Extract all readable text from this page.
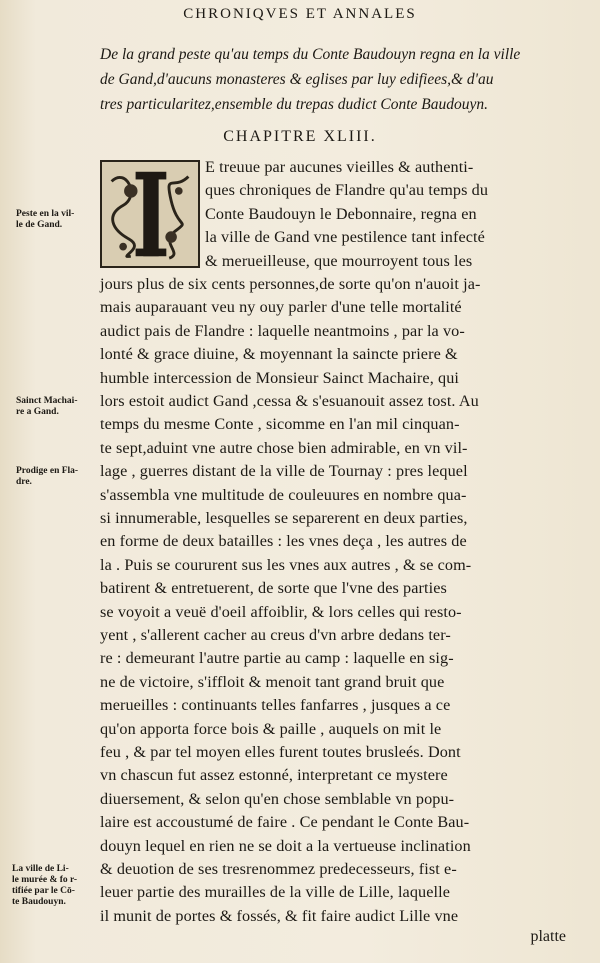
CHRONIQVES ET ANNALES
De la grand peste qu'au temps du Conte Baudouyn regna en la ville
de Gand,d'aucuns monasteres & eglises par luy edifiees,& d'au
tres particularitez,ensemble du trepas dudict Conte Baudouyn.
CHAPITRE XLIII.
E treuue par aucunes vieilles & authenti-
ques chroniques de Flandre qu'au temps du
Conte Baudouyn le Debonnaire, regna en
la ville de Gand vne pestilence tant infecté
& merueilleuse, que mourroyent tous les
jours plus de six cents personnes,de sorte qu'on n'auoit ja-
mais auparauant veu ny ouy parler d'une telle mortalité
audict pais de Flandre : laquelle neantmoins , par la vo-
lonté & grace diuine, & moyennant la saincte priere &
humble intercession de Monsieur Sainct Machaire, qui
lors estoit audict Gand ,cessa & s'esuanouit assez tost. Au
temps du mesme Conte , sicomme en l'an mil cinquan-
te sept,aduint vne autre chose bien admirable, en vn vil-
lage , guerres distant de la ville de Tournay : pres lequel
s'assembla vne multitude de couleuures en nombre qua-
si innumerable, lesquelles se separerent en deux parties,
en forme de deux batailles : les vnes deça , les autres de
la . Puis se coururent sus les vnes aux autres , & se com-
batirent & entretuerent, de sorte que l'vne des parties
se voyoit a veuë d'oeil affoiblir, & lors celles qui resto-
yent , s'allerent cacher au creus d'vn arbre dedans ter-
re : demeurant l'autre partie au camp : laquelle en sig-
ne de victoire, s'iffloit & menoit tant grand bruit que
merueilles : continuants telles fanfarres , jusques a ce
qu'on apporta force bois & paille , auquels on mit le
feu , & par tel moyen elles furent toutes brusleés. Dont
vn chascun fut assez estonné, interpretant ce mystere
diuersement, & selon qu'en chose semblable vn popu-
laire est accoustumé de faire . Ce pendant le Conte Bau-
douyn lequel en rien ne se doit a la vertueuse inclination
& deuotion de ses tresrenommez predecesseurs, fist e-
leuer partie des murailles de la ville de Lille, laquelle
il munit de portes & fossés, & fit faire audict Lille vne
Peste en la vil-
le de Gand.
Sainct Machai-
re a Gand.
Prodige en Fla-
dre.
La ville de Li-
le murée & fo r-
tifiée par le Cō-
te Baudouyn.
platte
